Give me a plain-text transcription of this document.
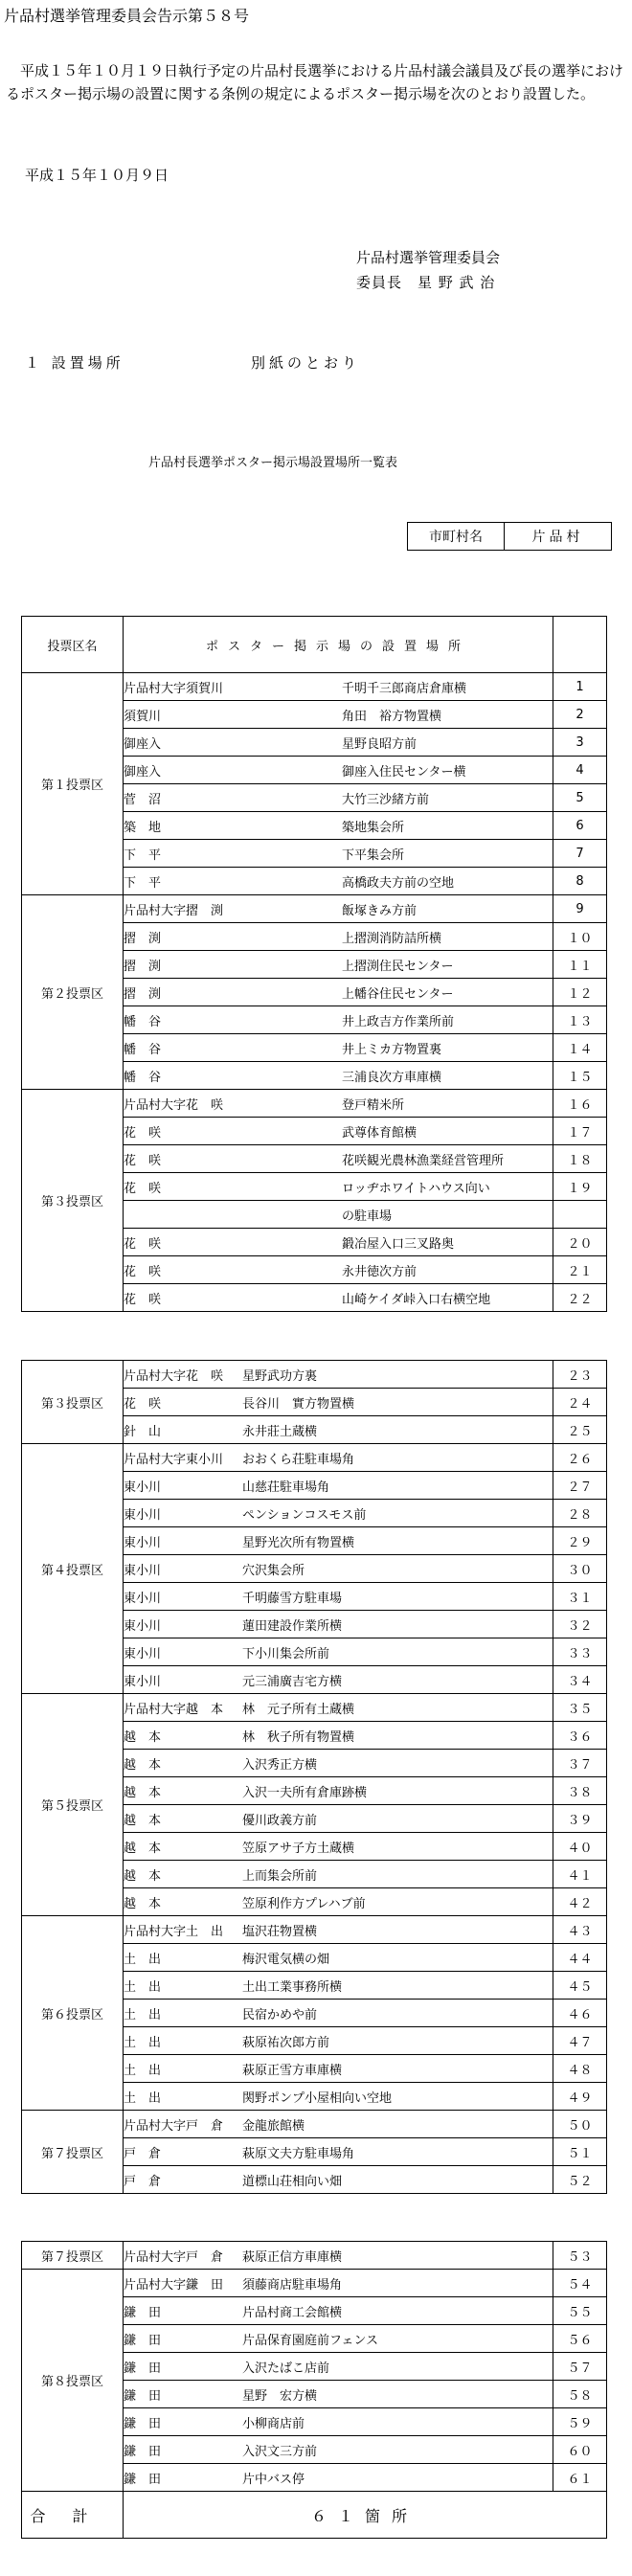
片品村選挙管理委員会告示第５８号
　平成１５年１０月１９日執行予定の片品村長選挙における片品村議会議員及び長の選挙におけるポスター掲示場の設置に関する条例の規定によるポスター掲示場を次のとおり設置した。
平成１５年１０月９日
片品村選挙管理委員会
委員長　星 野 武 治
１ 設置場所	別紙のとおり
片品村長選挙ポスター掲示場設置場所一覧表
市町村名	片品村
投票区名	ポスター掲示場の設置場所		
第１投票区	片品村大字須賀川	千明千三郎商店倉庫横	1
	須賀川	角田　裕方物置横	2
	御座入	星野良昭方前	3
	御座入	御座入住民センター横	4
	菅　沼	大竹三沙緒方前	5
	築　地	築地集会所	6
	下　平	下平集会所	7
	下　平	高橋政夫方前の空地	8
第２投票区	片品村大字摺　渕	飯塚きみ方前	9
	摺　渕	上摺渕消防詰所横	１０
	摺　渕	上摺渕住民センター	１１
	摺　渕	上幡谷住民センター	１２
	幡　谷	井上政吉方作業所前	１３
	幡　谷	井上ミカ方物置裏	１４
	幡　谷	三浦良次方車庫横	１５
第３投票区	片品村大字花　咲	登戸精米所	１６
	花　咲	武尊体育館横	１７
	花　咲	花咲観光農林漁業経営管理所	１８
	花　咲	ロッヂホワイトハウス向い	１９
		の駐車場	
	花　咲	鍛冶屋入口三叉路奥	２０
	花　咲	永井徳次方前	２１
	花　咲	山崎ケイダ峠入口右横空地	２２
第３投票区	片品村大字花　咲	星野武功方裏	２３
	花　咲	長谷川　實方物置横	２４
	針　山	永井莊土蔵横	２５
第４投票区	片品村大字東小川	おおくら荘駐車場角	２６
	東小川	山慈荘駐車場角	２７
	東小川	ペンションコスモス前	２８
	東小川	星野光次所有物置横	２９
	東小川	穴沢集会所	３０
	東小川	千明藤雪方駐車場	３１
	東小川	蓮田建設作業所横	３２
	東小川	下小川集会所前	３３
	東小川	元三浦廣吉宅方横	３４
第５投票区	片品村大字越　本	林　元子所有土蔵横	３５
	越　本	林　秋子所有物置横	３６
	越　本	入沢秀正方横	３７
	越　本	入沢一夫所有倉庫跡横	３８
	越　本	優川政義方前	３９
	越　本	笠原アサ子方土蔵横	４０
	越　本	上而集会所前	４１
	越　本	笠原利作方プレハブ前	４２
第６投票区	片品村大字土　出	塩沢荘物置横	４３
	土　出	梅沢電気横の畑	４４
	土　出	土出工業事務所横	４５
	土　出	民宿かめや前	４６
	土　出	萩原祐次郎方前	４７
	土　出	萩原正雪方車庫横	４８
	土　出	関野ポンプ小屋相向い空地	４９
第７投票区	片品村大字戸　倉	金龍旅館横	５０
	戸　倉	萩原文夫方駐車場角	５１
	戸　倉	道標山荘相向い畑	５２
第７投票区	片品村大字戸　倉	萩原正信方車庫横	５３
第８投票区	片品村大字鎌　田	須藤商店駐車場角	５４
	鎌　田	片品村商工会館横	５５
	鎌　田	片品保育園庭前フェンス	５６
	鎌　田	入沢たばこ店前	５７
	鎌　田	星野　宏方横	５８
	鎌　田	小柳商店前	５９
	鎌　田	入沢文三方前	６０
	鎌　田	片中バス停	６１
合計	６１箇所		
